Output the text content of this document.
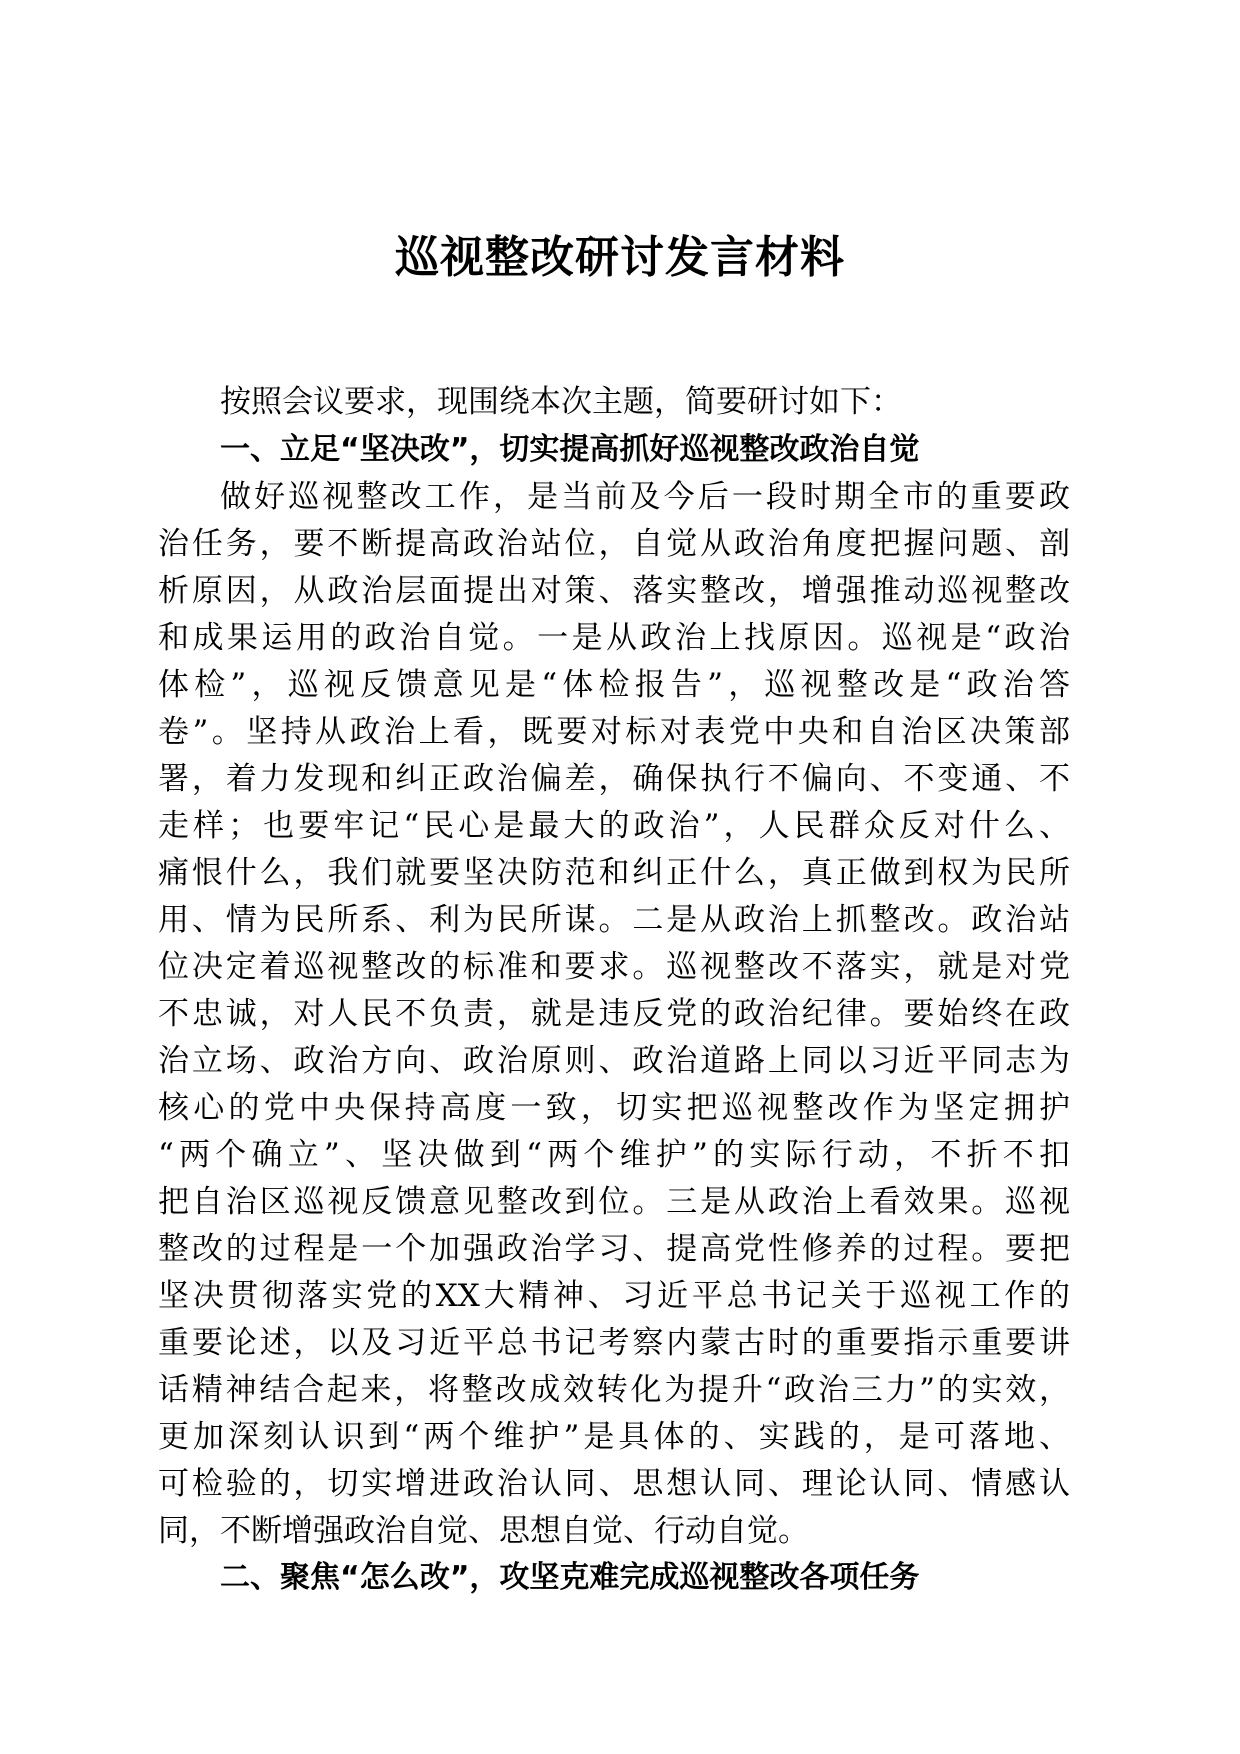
巡视整改研讨发言材料
按照会议要求，现围绕本次主题，简要研讨如下：
一、立足“坚决改”，切实提高抓好巡视整改政治自觉
做好巡视整改工作，是当前及今后一段时期全市的重要政
治任务，要不断提高政治站位，自觉从政治角度把握问题、剖
析原因，从政治层面提出对策、落实整改，增强推动巡视整改
和成果运用的政治自觉。一是从政治上找原因。巡视是“政治
体检”，巡视反馈意见是“体检报告”，巡视整改是“政治答
卷”。坚持从政治上看，既要对标对表党中央和自治区决策部
署，着力发现和纠正政治偏差，确保执行不偏向、不变通、不
走样；也要牢记“民心是最大的政治”，人民群众反对什么、
痛恨什么，我们就要坚决防范和纠正什么，真正做到权为民所
用、情为民所系、利为民所谋。二是从政治上抓整改。政治站
位决定着巡视整改的标准和要求。巡视整改不落实，就是对党
不忠诚，对人民不负责，就是违反党的政治纪律。要始终在政
治立场、政治方向、政治原则、政治道路上同以习近平同志为
核心的党中央保持高度一致，切实把巡视整改作为坚定拥护
“两个确立”、坚决做到“两个维护”的实际行动，不折不扣
把自治区巡视反馈意见整改到位。三是从政治上看效果。巡视
整改的过程是一个加强政治学习、提高党性修养的过程。要把
坚决贯彻落实党的XX大精神、习近平总书记关于巡视工作的
重要论述，以及习近平总书记考察内蒙古时的重要指示重要讲
话精神结合起来，将整改成效转化为提升“政治三力”的实效，
更加深刻认识到“两个维护”是具体的、实践的，是可落地、
可检验的，切实增进政治认同、思想认同、理论认同、情感认
同，不断增强政治自觉、思想自觉、行动自觉。
二、聚焦“怎么改”，攻坚克难完成巡视整改各项任务
